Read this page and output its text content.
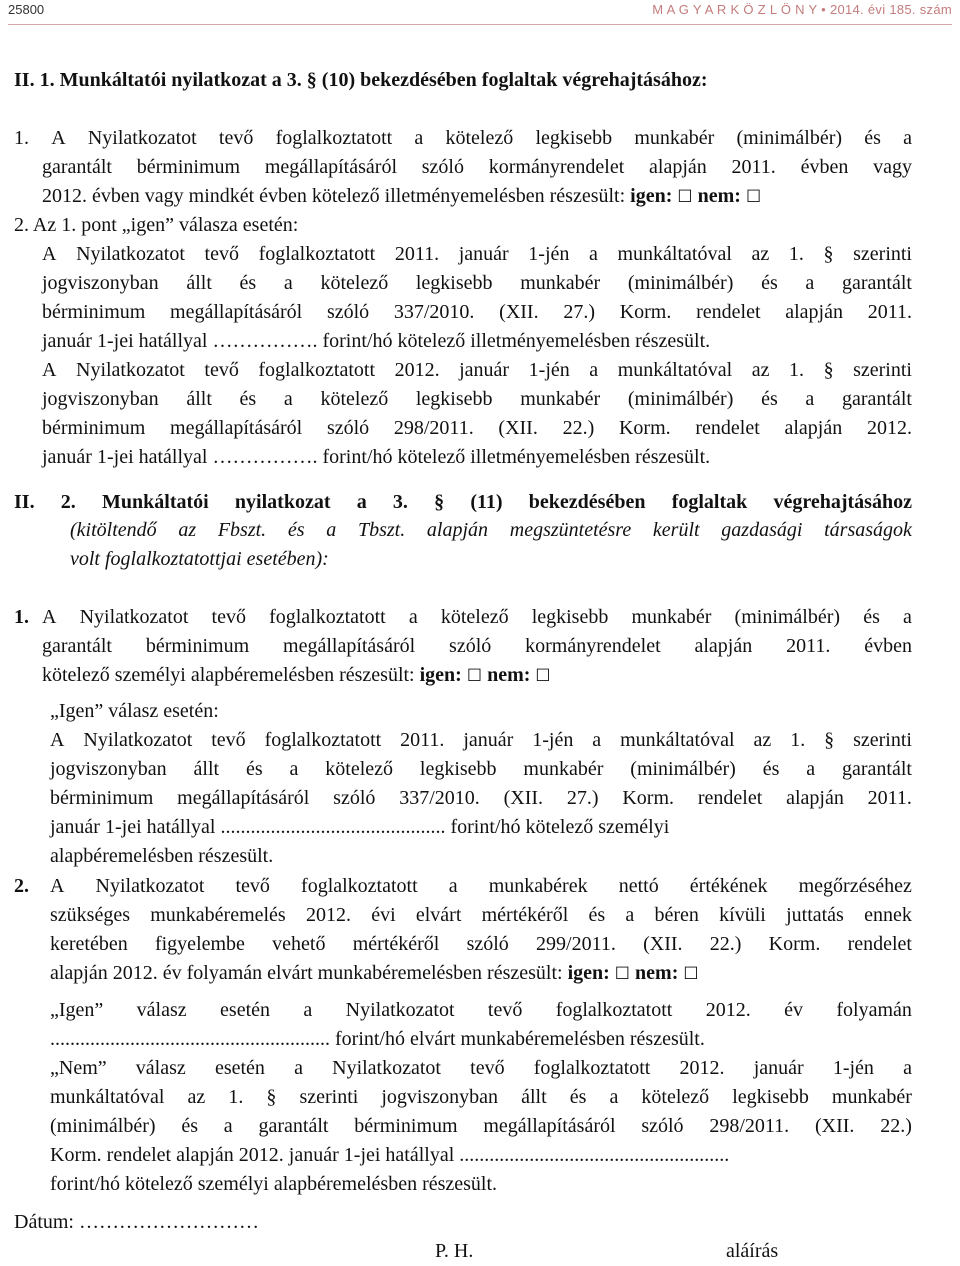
25800	M A G Y A R K Ö Z L Ö N Y • 2014. évi 185. szám
II. 1. Munkáltatói nyilatkozat a 3. § (10) bekezdésében foglaltak végrehajtásához:
1. A Nyilatkozatot tevő foglalkoztatott a kötelező legkisebb munkabér (minimálbér) és a
garantált bérminimum megállapításáról szóló kormányrendelet alapján 2011. évben vagy
2012. évben vagy mindkét évben kötelező illetményemelésben részesült: igen: ☐ nem: ☐
2. Az 1. pont „igen” válasza esetén:
A Nyilatkozatot tevő foglalkoztatott 2011. január 1-jén a munkáltatóval az 1. § szerinti
jogviszonyban állt és a kötelező legkisebb munkabér (minimálbér) és a garantált
bérminimum megállapításáról szóló 337/2010. (XII. 27.) Korm. rendelet alapján 2011.
január 1-jei hatállyal ……………. forint/hó kötelező illetményemelésben részesült.
A Nyilatkozatot tevő foglalkoztatott 2012. január 1-jén a munkáltatóval az 1. § szerinti
jogviszonyban állt és a kötelező legkisebb munkabér (minimálbér) és a garantált
bérminimum megállapításáról szóló 298/2011. (XII. 22.) Korm. rendelet alapján 2012.
január 1-jei hatállyal ……………. forint/hó kötelező illetményemelésben részesült.
II. 2. Munkáltatói nyilatkozat a 3. § (11) bekezdésében foglaltak végrehajtásához
(kitöltendő az Fbszt. és a Tbszt. alapján megszüntetésre került gazdasági társaságok
volt foglalkoztatottjai esetében):
1. A Nyilatkozatot tevő foglalkoztatott a kötelező legkisebb munkabér (minimálbér) és a
garantált bérminimum megállapításáról szóló kormányrendelet alapján 2011. évben
kötelező személyi alapbéremelésben részesült: igen: ☐ nem: ☐
„Igen” válasz esetén:
A Nyilatkozatot tevő foglalkoztatott 2011. január 1-jén a munkáltatóval az 1. § szerinti
jogviszonyban állt és a kötelező legkisebb munkabér (minimálbér) és a garantált
bérminimum megállapításáról szóló 337/2010. (XII. 27.) Korm. rendelet alapján 2011.
január 1-jei hatállyal ............................................. forint/hó kötelező személyi
alapbéremelésben részesült.
2. A Nyilatkozatot tevő foglalkoztatott a munkabérek nettó értékének megőrzéséhez
szükséges munkabéremelés 2012. évi elvárt mértékéről és a béren kívüli juttatás ennek
keretében figyelembe vehető mértékéről szóló 299/2011. (XII. 22.) Korm. rendelet
alapján 2012. év folyamán elvárt munkabéremelésben részesült: igen: ☐ nem: ☐
„Igen” válasz esetén a Nyilatkozatot tevő foglalkoztatott 2012. év folyamán
........................................................ forint/hó elvárt munkabéremelésben részesült.
„Nem” válasz esetén a Nyilatkozatot tevő foglalkoztatott 2012. január 1-jén a
munkáltatóval az 1. § szerinti jogviszonyban állt és a kötelező legkisebb munkabér
(minimálbér) és a garantált bérminimum megállapításáról szóló 298/2011. (XII. 22.)
Korm. rendelet alapján 2012. január 1-jei hatállyal ......................................................
forint/hó kötelező személyi alapbéremelésben részesült.
Dátum: ………………………
P. H.	aláírás
